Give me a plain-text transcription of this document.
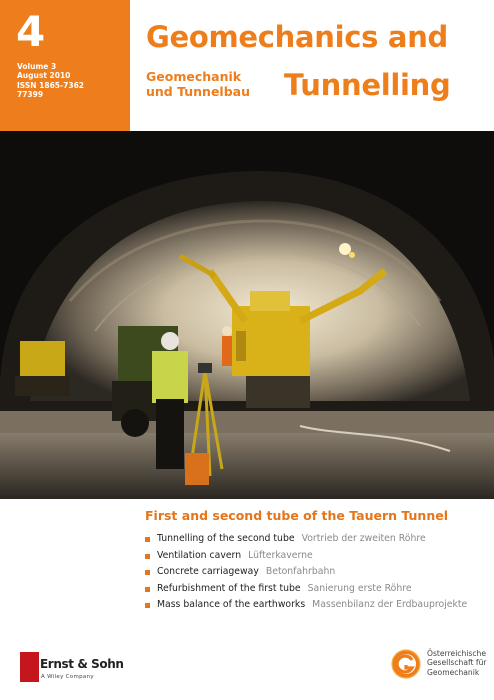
4
Volume 3
August 2010
ISSN 1865-7362
77399
Geomechanics and
Tunnelling
Geomechanik
und Tunnelbau
First and second tube of the Tauern Tunnel
Tunnelling of the second tube Vortrieb der zweiten Röhre
Ventilation cavern Lüfterkaverne
Concrete carriageway Betonfahrbahn
Refurbishment of the first tube Sanierung erste Röhre
Mass balance of the earthworks Massenbilanz der Erdbauprojekte
Ernst & Sohn
A Wiley Company
Österreichische
Gesellschaft für
Geomechanik
